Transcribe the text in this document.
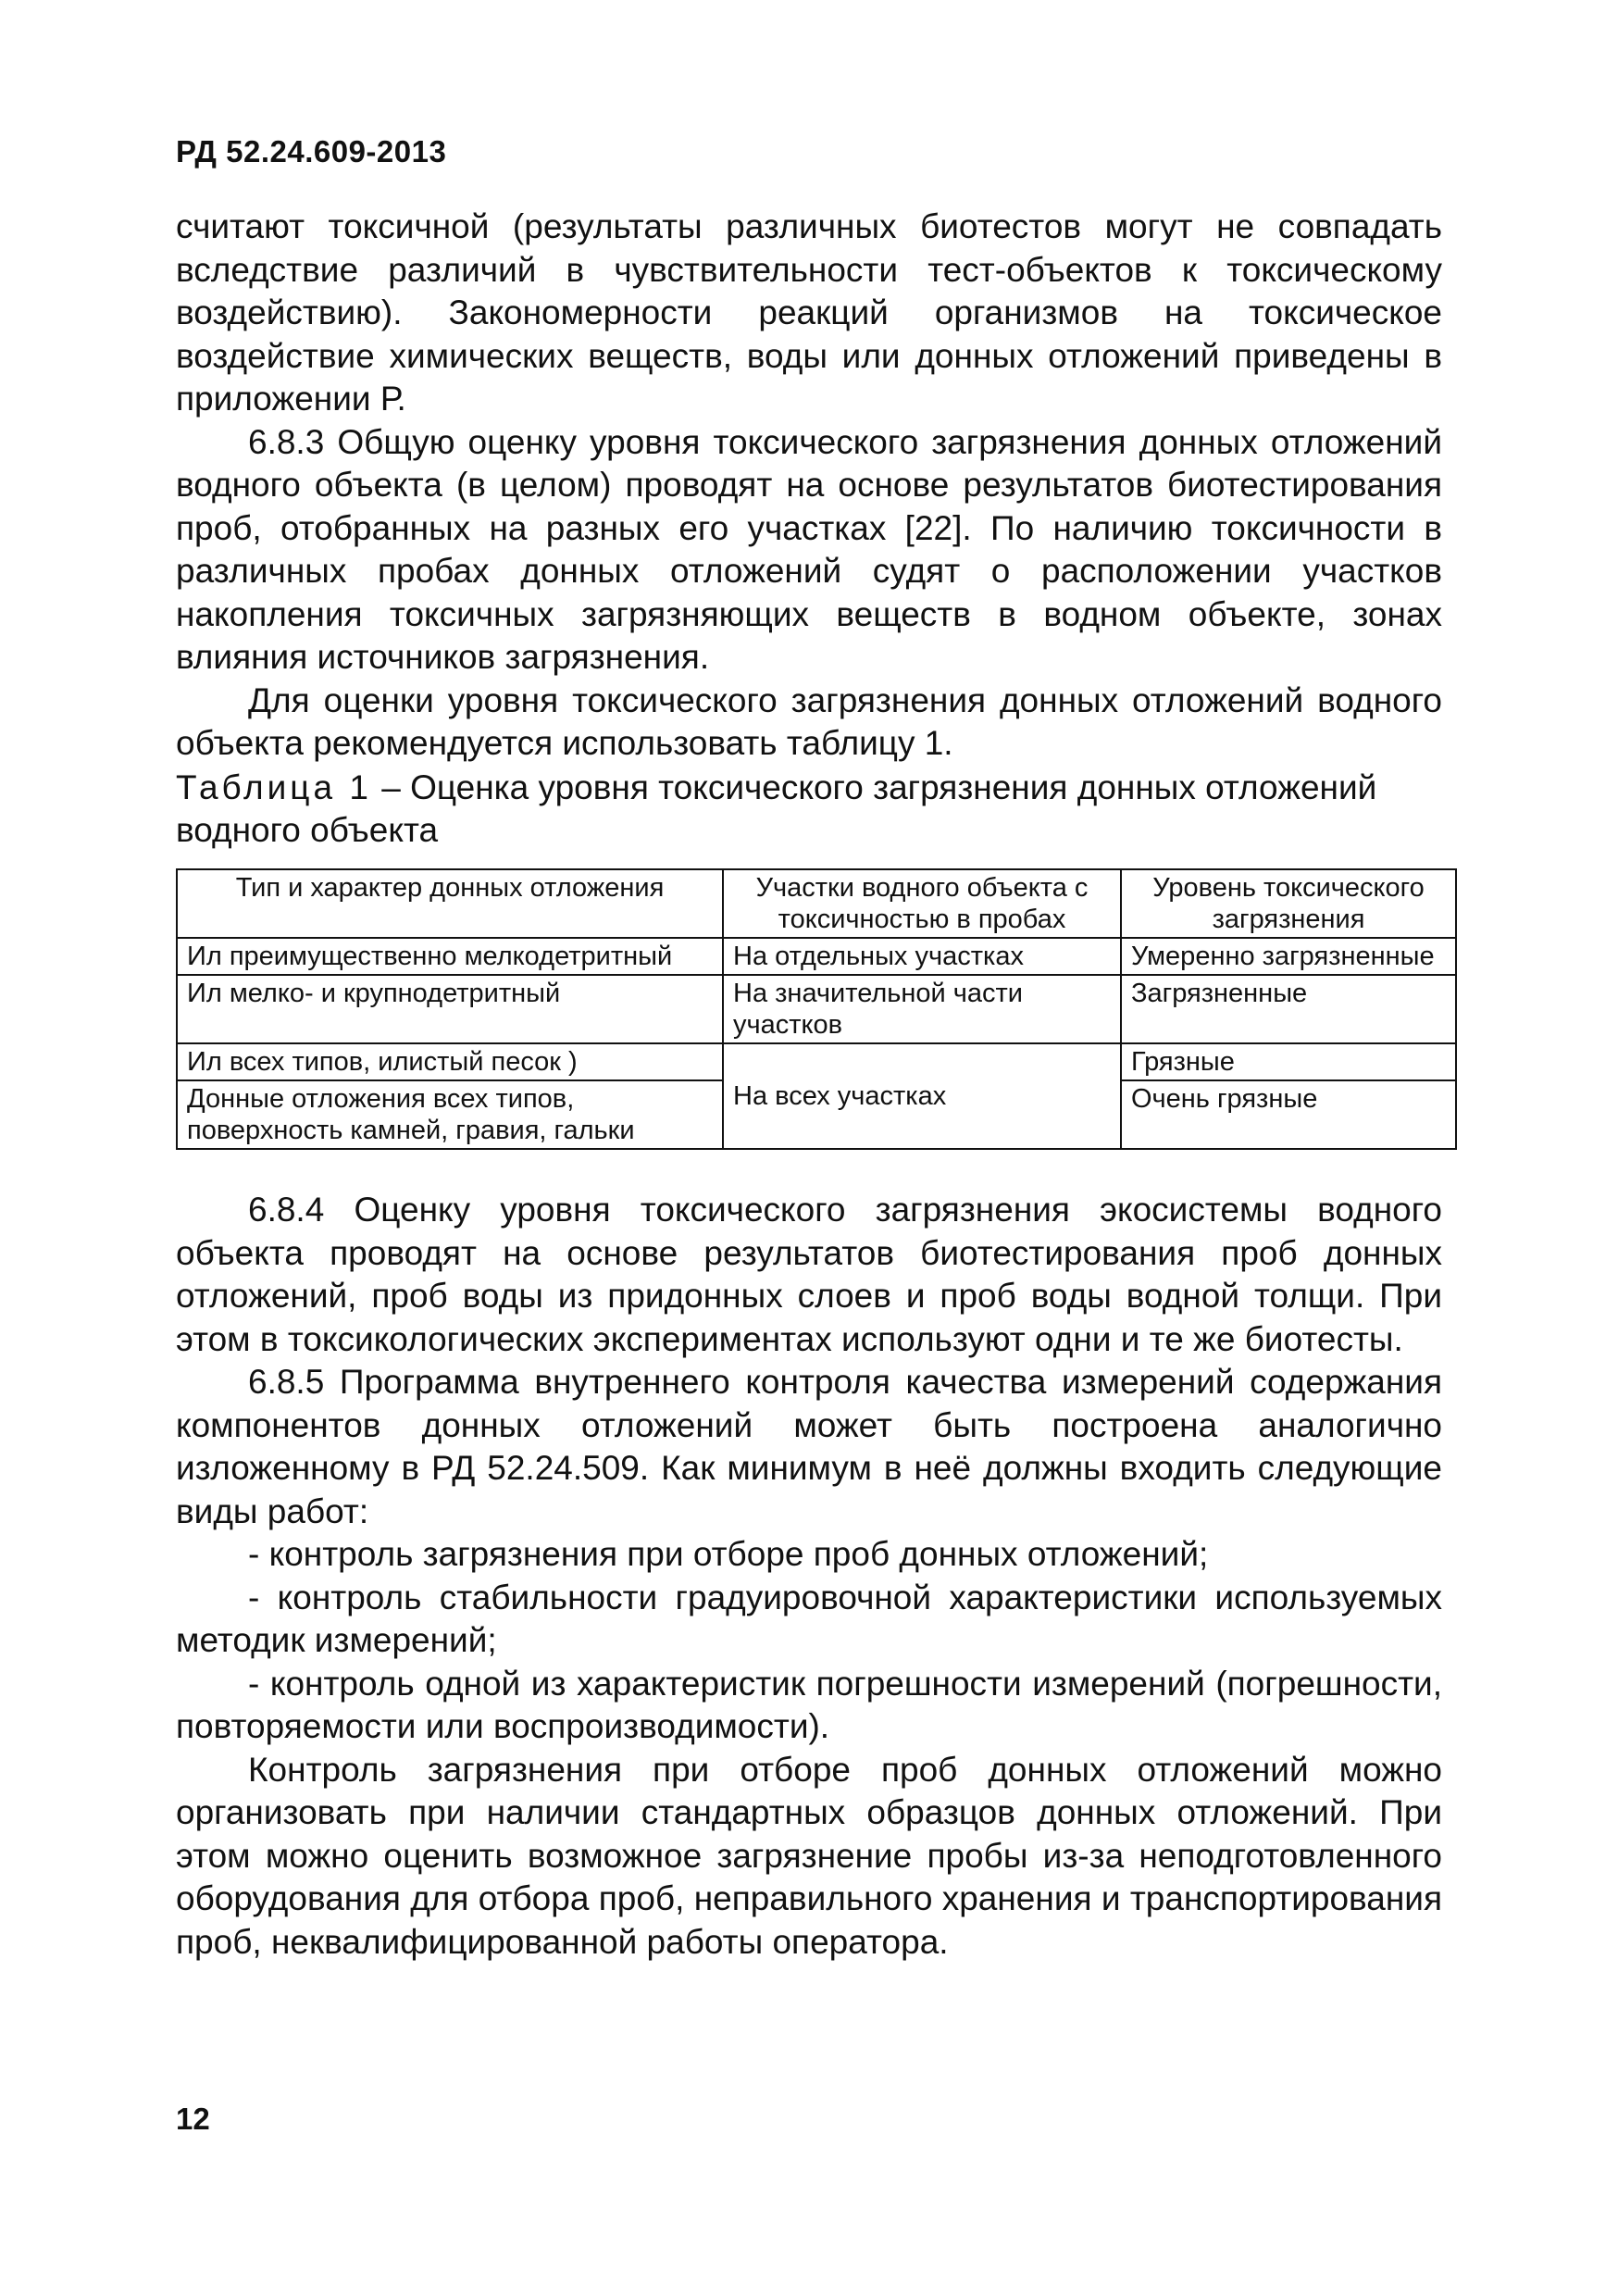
РД 52.24.609-2013

считают токсичной (результаты различных биотестов могут не совпадать вследствие различий в чувствительности тест-объектов к токсическому воздействию). Закономерности реакций организмов на токсическое воздействие химических веществ, воды или донных отложений приведены в приложении Р.

6.8.3 Общую оценку уровня токсического загрязнения донных отложений водного объекта (в целом) проводят на основе результатов биотестирования проб, отобранных на разных его участках [22]. По наличию токсичности в различных пробах донных отложений судят о расположении участков накопления токсичных загрязняющих веществ в водном объекте, зонах влияния источников загрязнения.

Для оценки уровня токсического загрязнения донных отложений водного объекта рекомендуется использовать таблицу 1.

Таблица 1 – Оценка уровня токсического загрязнения донных отложений водного объекта
Тип и характер донных отложения	Участки водного объекта с токсичностью в пробах	Уровень токсического загрязнения
Ил преимущественно мелкодетритный	На отдельных участках	Умеренно загрязненные
Ил мелко- и крупнодетритный	На значительной части участков	Загрязненные
Ил всех типов, илистый песок )	На всех участках	Грязные
Донные отложения всех типов, поверхность камней, гравия, гальки		Очень грязные

6.8.4 Оценку уровня токсического загрязнения экосистемы водного объекта проводят на основе результатов биотестирования проб донных отложений, проб воды из придонных слоев и проб воды водной толщи. При этом в токсикологических экспериментах используют одни и те же биотесты.

6.8.5 Программа внутреннего контроля качества измерений содержания компонентов донных отложений может быть построена аналогично изложенному в РД 52.24.509. Как минимум в неё должны входить следующие виды работ:

- контроль загрязнения при отборе проб донных отложений;

- контроль стабильности градуировочной характеристики используемых методик измерений;

- контроль одной из характеристик погрешности измерений (погрешности, повторяемости или воспроизводимости).

Контроль загрязнения при отборе проб донных отложений можно организовать при наличии стандартных образцов донных отложений. При этом можно оценить возможное загрязнение пробы из-за неподготовленного оборудования для отбора проб, неправильного хранения и транспортирования проб, неквалифицированной работы оператора.

12
